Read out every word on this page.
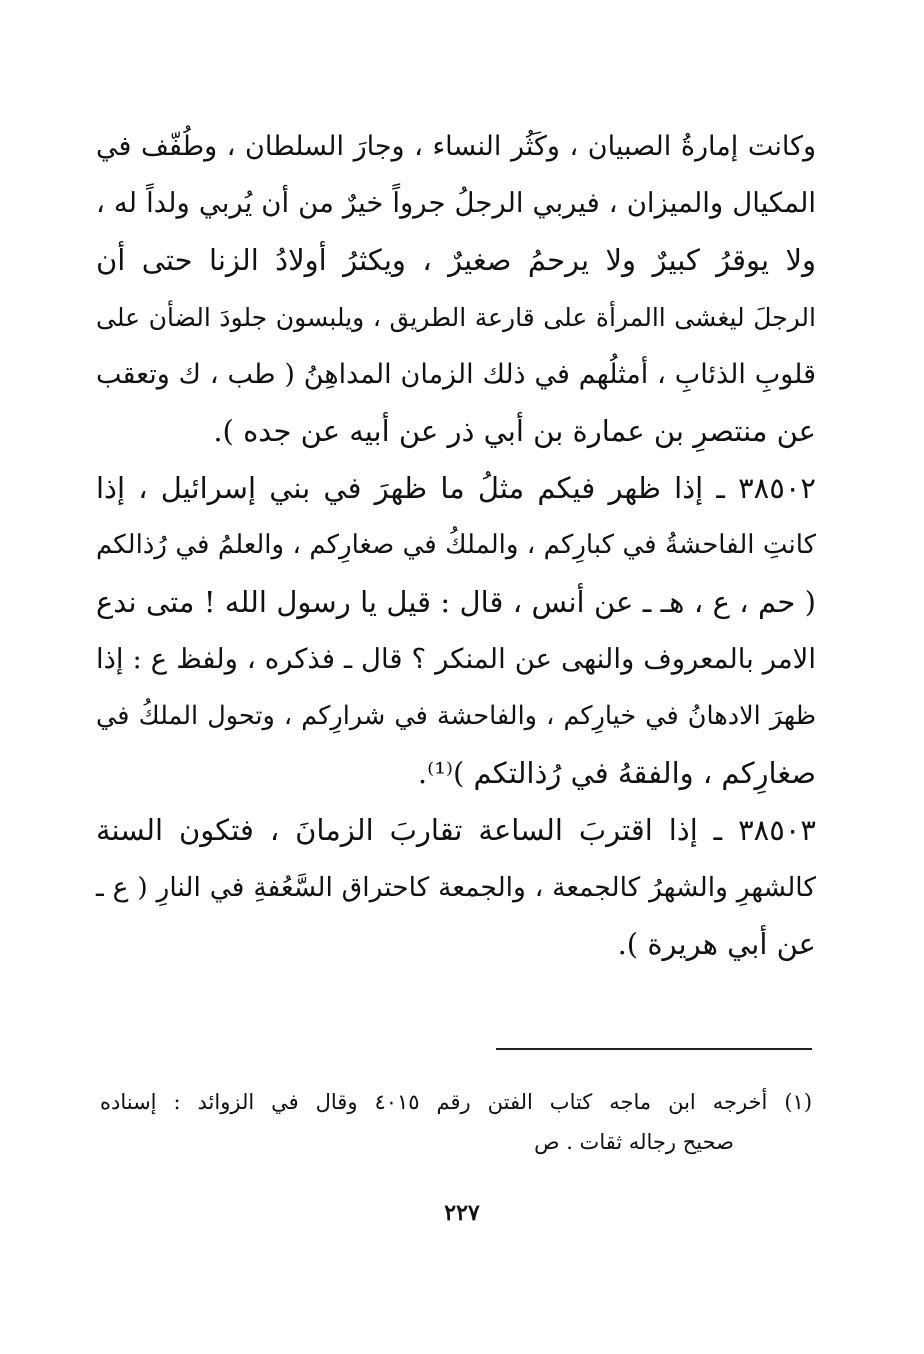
وكانت إمارةُ الصبيان ، وكَثُر النساء ، وجارَ السلطان ، وطُفّف في
المكيال والميزان ، فيربي الرجلُ جرواً خيرٌ من أن يُربي ولداً له ،
ولا يوقرُ كبيرٌ ولا يرحمُ صغيرٌ ، ويكثرُ أولادُ الزنا حتى أن
الرجلَ ليغشى االمرأة على قارعة الطريق ، ويلبسون جلودَ الضأن على
قلوبِ الذئابِ ، أمثلُهم في ذلك الزمان المداهِنُ ( طب ، ك وتعقب
عن منتصرِ بن عمارة بن أبي ذر عن أبيه عن جده ).
٣٨٥٠٢ ـ إذا ظهر فيكم مثلُ ما ظهرَ في بني إسرائيل ، إذا
كانتِ الفاحشةُ في كبارِكم ، والملكُ في صغارِكم ، والعلمُ في رُذالكم
( حم ، ع ، هـ ـ عن أنس ، قال : قيل يا رسول الله ! متى ندع
الامر بالمعروف والنهى عن المنكر ؟ قال ـ فذكره ، ولفظ ع : إذا
ظهرَ الادهانُ في خيارِكم ، والفاحشة في شرارِكم ، وتحول الملكُ في
صغارِكم ، والفقهُ في رُذالتكم )⁽¹⁾.
٣٨٥٠٣ ـ إذا اقتربَ الساعة تقاربَ الزمانَ ، فتكون السنة
كالشهرِ والشهرُ كالجمعة ، والجمعة كاحتراق السَّعُفةِ في النارِ ( ع ـ
عن أبي هريرة ).
(١) أخرجه ابن ماجه كتاب الفتن رقم ٤٠١٥ وقال في الزوائد : إسناده
صحيح رجاله ثقات . ص
٢٢٧
